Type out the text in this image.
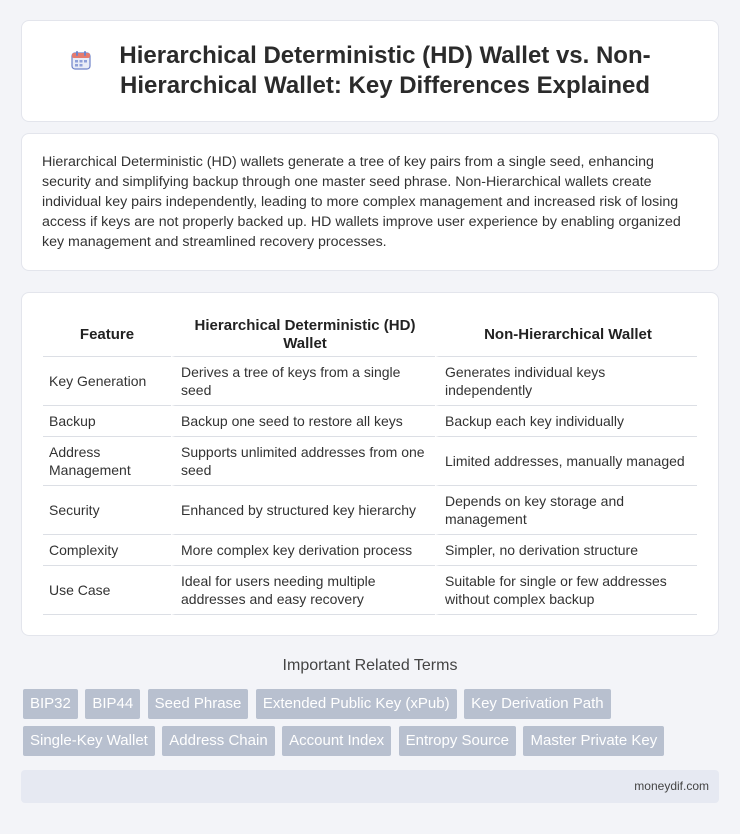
Hierarchical Deterministic (HD) Wallet vs. Non-Hierarchical Wallet: Key Differences Explained

Hierarchical Deterministic (HD) wallets generate a tree of key pairs from a single seed, enhancing security and simplifying backup through one master seed phrase. Non-Hierarchical wallets create individual key pairs independently, leading to more complex management and increased risk of losing access if keys are not properly backed up. HD wallets improve user experience by enabling organized key management and streamlined recovery processes.

Feature	Hierarchical Deterministic (HD) Wallet	Non-Hierarchical Wallet
Key Generation	Derives a tree of keys from a single seed	Generates individual keys independently
Backup	Backup one seed to restore all keys	Backup each key individually
Address Management	Supports unlimited addresses from one seed	Limited addresses, manually managed
Security	Enhanced by structured key hierarchy	Depends on key storage and management
Complexity	More complex key derivation process	Simpler, no derivation structure
Use Case	Ideal for users needing multiple addresses and easy recovery	Suitable for single or few addresses without complex backup
Important Related Terms
BIP32 BIP44 Seed Phrase Extended Public Key (xPub) Key Derivation Path
Single-Key Wallet Address Chain Account Index Entropy Source Master Private Key
moneydif.com
